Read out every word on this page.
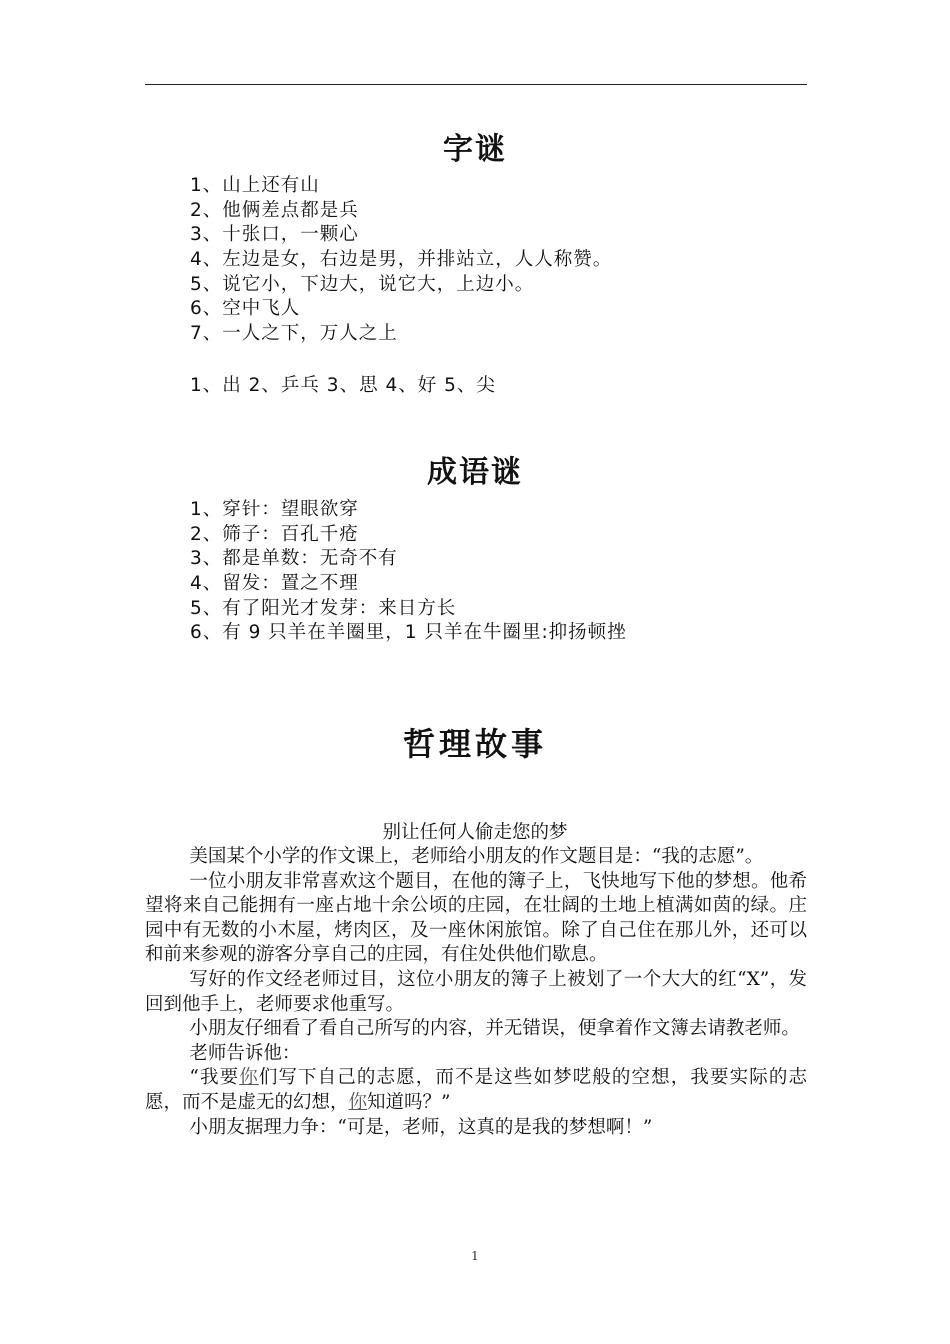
字谜
1、山上还有山
2、他俩差点都是兵
3、十张口，一颗心
4、左边是女，右边是男，并排站立，人人称赞。
5、说它小，下边大，说它大，上边小。
6、空中飞人
7、一人之下，万人之上
1、出 2、乒乓 3、思 4、好 5、尖
成语谜
1、穿针：望眼欲穿
2、筛子：百孔千疮
3、都是单数：无奇不有
4、留发：置之不理
5、有了阳光才发芽：来日方长
6、有 9 只羊在羊圈里，1 只羊在牛圈里:抑扬顿挫
哲理故事
别让任何人偷走您的梦

美国某个小学的作文课上，老师给小朋友的作文题目是：“我的志愿”。

一位小朋友非常喜欢这个题目，在他的簿子上，飞快地写下他的梦想。他希望将来自己能拥有一座占地十余公顷的庄园，在壮阔的土地上植满如茵的绿。庄园中有无数的小木屋，烤肉区，及一座休闲旅馆。除了自己住在那儿外，还可以和前来参观的游客分享自己的庄园，有住处供他们歇息。

写好的作文经老师过目，这位小朋友的簿子上被划了一个大大的红“X”，发回到他手上，老师要求他重写。

小朋友仔细看了看自己所写的内容，并无错误，便拿着作文簿去请教老师。

老师告诉他：

“我要你们写下自己的志愿，而不是这些如梦呓般的空想，我要实际的志愿，而不是虚无的幻想，你知道吗？”

小朋友据理力争：“可是，老师，这真的是我的梦想啊！”

1
